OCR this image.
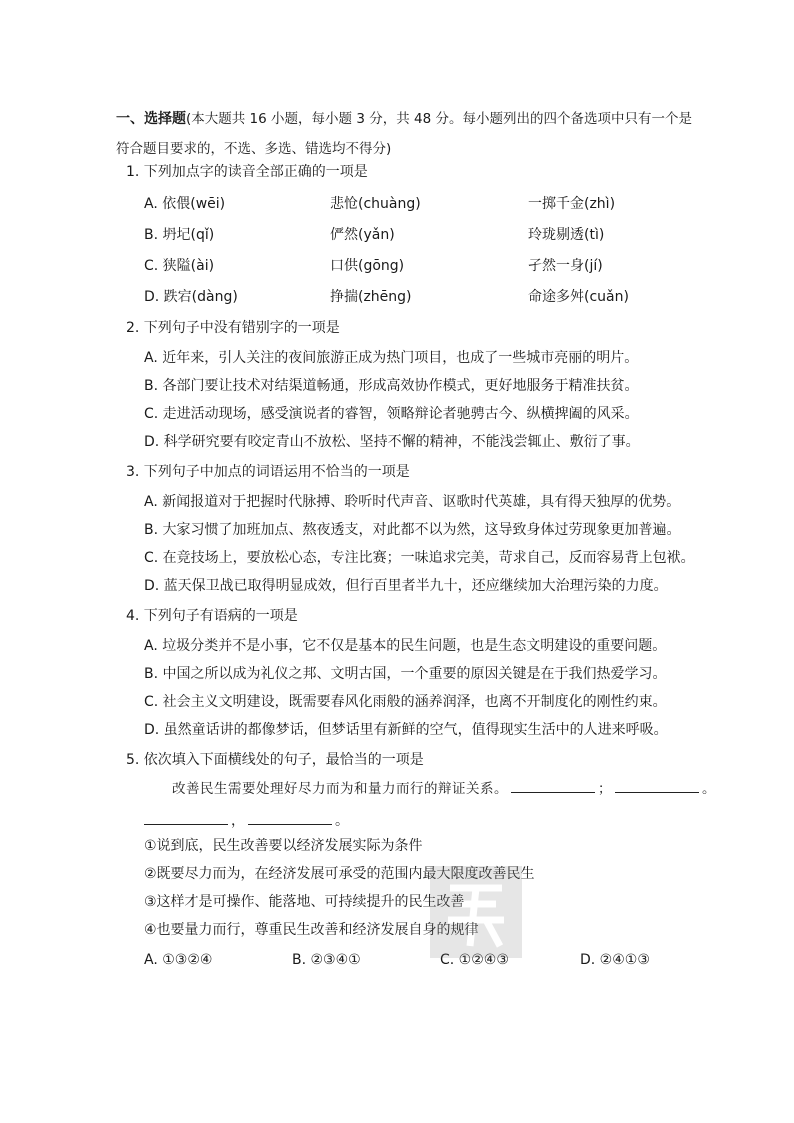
一、选择题(本大题共 16 小题，每小题 3 分，共 48 分。每小题列出的四个备选项中只有一个是
符合题目要求的，不选、多选、错选均不得分)
1. 下列加点字的读音全部正确的一项是
A. 依偎(wēi)	悲怆(chuàng)	一掷千金(zhì)
B. 坍圮(qǐ)	俨然(yǎn)	玲珑剔透(tì)
C. 狭隘(ài)	口供(gōng)	孑然一身(jí)
D. 跌宕(dàng)	挣揣(zhēng)	命途多舛(cuǎn)
2. 下列句子中没有错别字的一项是
A. 近年来，引人关注的夜间旅游正成为热门项目，也成了一些城市亮丽的明片。
B. 各部门要让技术对结渠道畅通，形成高效协作模式，更好地服务于精准扶贫。
C. 走进活动现场，感受演说者的睿智，领略辩论者驰骋古今、纵横捭阖的风采。
D. 科学研究要有咬定青山不放松、坚持不懈的精神，不能浅尝辄止、敷衍了事。
3. 下列句子中加点的词语运用不恰当的一项是
A. 新闻报道对于把握时代脉搏、聆听时代声音、讴歌时代英雄，具有得天独厚的优势。
B. 大家习惯了加班加点、熬夜透支，对此都不以为然，这导致身体过劳现象更加普遍。
C. 在竞技场上，要放松心态，专注比赛；一味追求完美，苛求自己，反而容易背上包袱。
D. 蓝天保卫战已取得明显成效，但行百里者半九十，还应继续加大治理污染的力度。
4. 下列句子有语病的一项是
A. 垃圾分类并不是小事，它不仅是基本的民生问题，也是生态文明建设的重要问题。
B. 中国之所以成为礼仪之邦、文明古国，一个重要的原因关键是在于我们热爱学习。
C. 社会主义文明建设，既需要春风化雨般的涵养润泽，也离不开制度化的刚性约束。
D. 虽然童话讲的都像梦话，但梦话里有新鲜的空气，值得现实生活中的人进来呼吸。
5. 依次填入下面横线处的句子，最恰当的一项是
改善民生需要处理好尽力而为和量力而行的辩证关系。	；	。
，	。
①说到底，民生改善要以经济发展实际为条件
②既要尽力而为，在经济发展可承受的范围内最大限度改善民生
③这样才是可操作、能落地、可持续提升的民生改善
④也要量力而行，尊重民生改善和经济发展自身的规律
A. ①③②④	B. ②③④①	C. ①②④③	D. ②④①③
